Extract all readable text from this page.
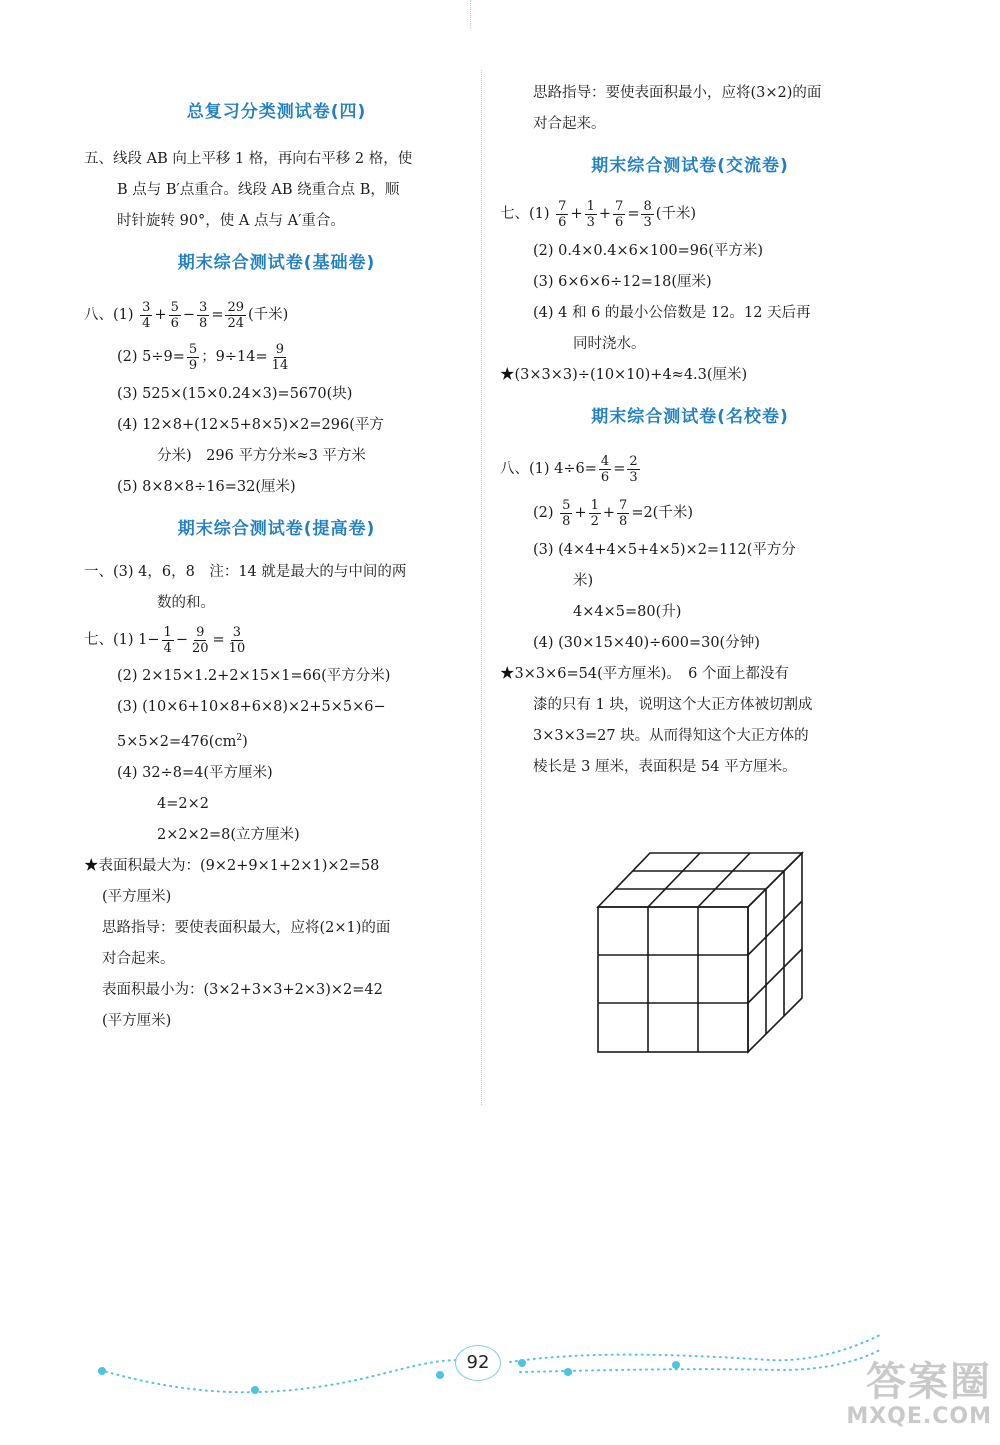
总复习分类测试卷(四)

五、线段 AB 向上平移 1 格，再向右平移 2 格，使

B 点与 B′点重合。线段 AB 绕重合点 B，顺

时针旋转 90°，使 A 点与 A′重合。

期末综合测试卷(基础卷)

八、$(1) \frac{3}{4} + \frac{5}{6} - \frac{3}{8} = \frac{29}{24}$ (千米)

(2) $5\div 9= \frac{5}{9}$ ；$9\div 14= \frac{9}{14}$

(3) 525×(15×0.24×3)=5670(块)

(4) 12×8+(12×5+8×5)×2=296(平方

分米)　296 平方分米≈3 平方米

(5) 8×8×8÷16=32(厘米)

期末综合测试卷(提高卷)

一、(3) 4，6，8　注：14 就是最大的与中间的两

数的和。

七、(1) $1- \frac{1}{4} - \frac{9}{20} = \frac{3}{10}$

(2) 2×15×1.2+2×15×1=66(平方分米)

(3) (10×6+10×8+6×8)×2+5×5×6−

$5\times 5\times 2=476(cm^2)$

(4) 32÷8=4(平方厘米)

4=2×2

2×2×2=8(立方厘米)

★表面积最大为：(9×2+9×1+2×1)×2=58

(平方厘米)

思路指导：要使表面积最大，应将(2×1)的面

对合起来。

表面积最小为：(3×2+3×3+2×3)×2=42

(平方厘米)

思路指导：要使表面积最小，应将(3×2)的面

对合起来。

期末综合测试卷(交流卷)

七、$(1) \frac{7}{6} + \frac{1}{3} + \frac{7}{6} = \frac{8}{3}$ (千米)

(2) 0.4×0.4×6×100=96(平方米)

(3) 6×6×6÷12=18(厘米)

(4) 4 和 6 的最小公倍数是 12。12 天后再

同时浇水。

★(3×3×3)÷(10×10)+4≈4.3(厘米)

期末综合测试卷(名校卷)

八、(1) $4\div 6= \frac{4}{6} = \frac{2}{3}$

$(2) \frac{5}{8} + \frac{1}{2} + \frac{7}{8} =2$(千米)

(3) (4×4+4×5+4×5)×2=112(平方分

米)

4×4×5=80(升)

(4) (30×15×40)÷600=30(分钟)

★3×3×6=54(平方厘米)。　6 个面上都没有

漆的只有 1 块，说明这个大正方体被切割成

3×3×3=27 块。从而得知这个大正方体的

棱长是 3 厘米，表面积是 54 平方厘米。

92	答案圈
MXQE.COM
